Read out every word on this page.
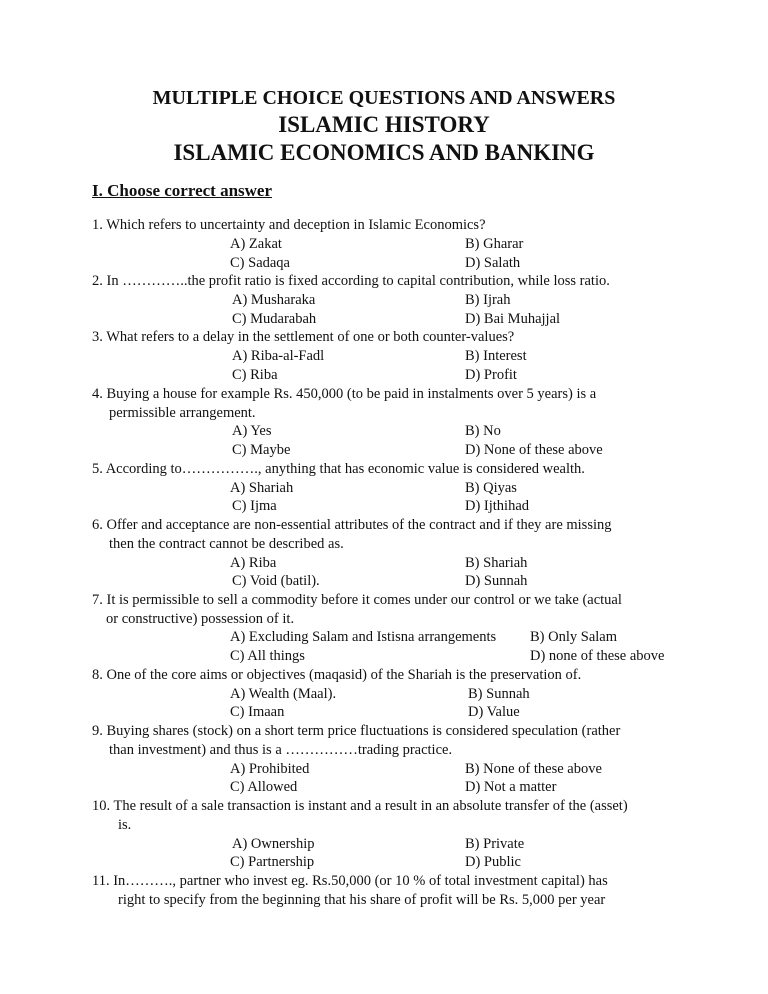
MULTIPLE CHOICE QUESTIONS AND ANSWERS
ISLAMIC HISTORY
ISLAMIC ECONOMICS AND BANKING
I. Choose correct answer
1. Which refers to uncertainty and deception in Islamic Economics?
A) Zakat	B) Gharar
C) Sadaqa	D) Salath
2. In …………..the profit ratio is fixed according to capital contribution, while loss ratio.
A) Musharaka	B) Ijrah
C) Mudarabah	D) Bai Muhajjal
3. What refers to a delay in the settlement of one or both counter-values?
A) Riba-al-Fadl	B) Interest
C) Riba	D) Profit
4. Buying a house for example Rs. 450,000 (to be paid in instalments over 5 years) is a
permissible arrangement.
A) Yes	B) No
C) Maybe	D) None of these above
5. According to……………., anything that has economic value is considered wealth.
A) Shariah	B) Qiyas
C) Ijma	D) Ijthihad
6. Offer and acceptance are non-essential attributes of the contract and if they are missing
then the contract cannot be described as.
A) Riba	B) Shariah
C) Void (batil).	D) Sunnah
7. It is permissible to sell a commodity before it comes under our control or we take (actual
or constructive) possession of it.
A) Excluding Salam and Istisna arrangements B) Only Salam
C) All things	D) none of these above
8. One of the core aims or objectives (maqasid) of the Shariah is the preservation of.
A) Wealth (Maal).	B) Sunnah
C) Imaan	D) Value
9. Buying shares (stock) on a short term price fluctuations is considered speculation (rather
than investment) and thus is a ……………trading practice.
A) Prohibited	B) None of these above
C) Allowed	D) Not a matter
10. The result of a sale transaction is instant and a result in an absolute transfer of the (asset)
is.
A) Ownership	B) Private
C) Partnership	D) Public
11. In………., partner who invest eg. Rs.50,000 (or 10 % of total investment capital) has
right to specify from the beginning that his share of profit will be Rs. 5,000 per year
